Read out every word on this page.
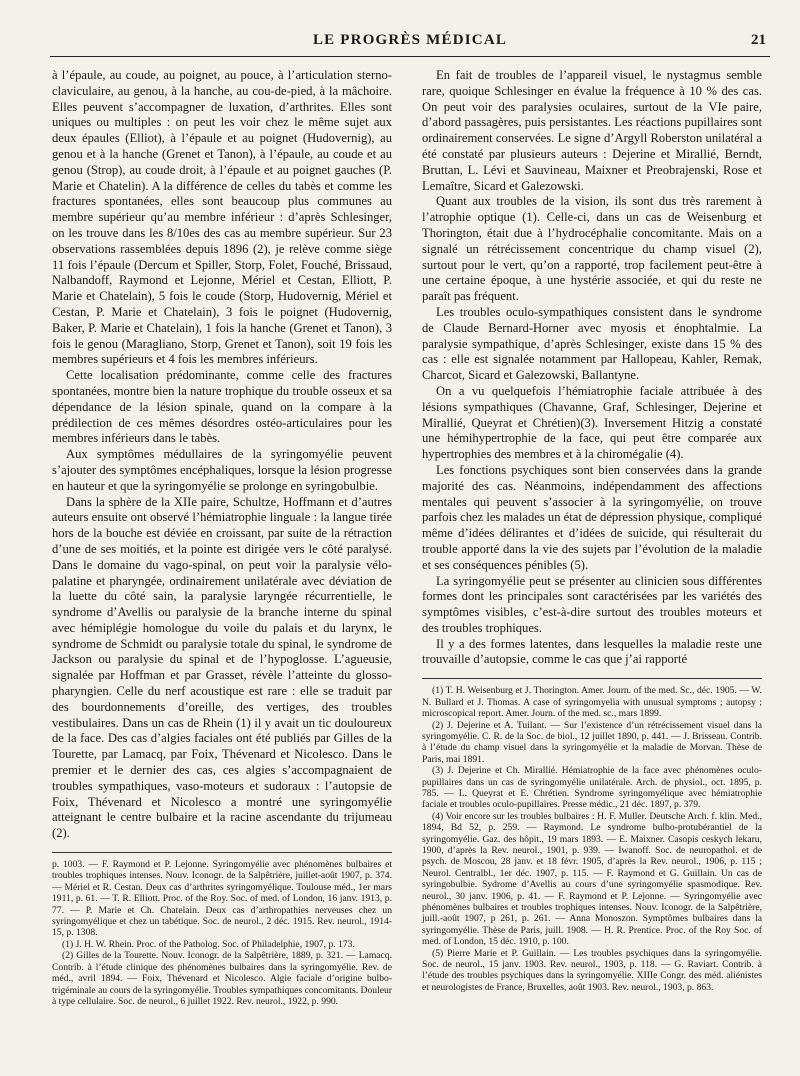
LE PROGRÈS MÉDICAL	21

à l’épaule, au coude, au poignet, au pouce, à l’articulation sterno-claviculaire, au genou, à la hanche, au cou-de-pied, à la mâchoire. Elles peuvent s’accompagner de luxation, d’arthrites. Elles sont uniques ou multiples : on peut les voir chez le même sujet aux deux épaules (Elliot), à l’épaule et au poignet (Hudovernig), au genou et à la hanche (Grenet et Tanon), à l’épaule, au coude et au genou (Strop), au coude droit, à l’épaule et au poignet gauches (P. Marie et Chatelin). A la différence de celles du tabès et comme les fractures spontanées, elles sont beaucoup plus communes au membre supérieur qu’au membre inférieur : d’après Schlesinger, on les trouve dans les 8/10es des cas au membre supérieur. Sur 23 observations rassemblées depuis 1896 (2), je relève comme siège 11 fois l’épaule (Dercum et Spiller, Storp, Folet, Fouché, Brissaud, Nalbandoff, Raymond et Lejonne, Mériel et Cestan, Elliott, P. Marie et Chatelain), 5 fois le coude (Storp, Hudovernig, Mériel et Cestan, P. Marie et Chatelain), 3 fois le poignet (Hudovernig, Baker, P. Marie et Chatelain), 1 fois la hanche (Grenet et Tanon), 3 fois le genou (Maragliano, Storp, Grenet et Tanon), soit 19 fois les membres supérieurs et 4 fois les membres inférieurs.

Cette localisation prédominante, comme celle des fractures spontanées, montre bien la nature trophique du trouble osseux et sa dépendance de la lésion spinale, quand on la compare à la prédilection de ces mêmes désordres ostéo-articulaires pour les membres inférieurs dans le tabès.

Aux symptômes médullaires de la syringomyélie peuvent s’ajouter des symptômes encéphaliques, lorsque la lésion progresse en hauteur et que la syringomyélie se prolonge en syringobulbie.

Dans la sphère de la XIIe paire, Schultze, Hoffmann et d’autres auteurs ensuite ont observé l’hémiatrophie linguale : la langue tirée hors de la bouche est déviée en croissant, par suite de la rétraction d’une de ses moitiés, et la pointe est dirigée vers le côté paralysé. Dans le domaine du vago-spinal, on peut voir la paralysie vélo-palatine et pharyngée, ordinairement unilatérale avec déviation de la luette du côté sain, la paralysie laryngée récurrentielle, le syndrome d’Avellis ou paralysie de la branche interne du spinal avec hémiplégie homologue du voile du palais et du larynx, le syndrome de Schmidt ou paralysie totale du spinal, le syndrome de Jackson ou paralysie du spinal et de l’hypoglosse. L’agueusie, signalée par Hoffman et par Grasset, révèle l’atteinte du glosso-pharyngien. Celle du nerf acoustique est rare : elle se traduit par des bourdonnements d’oreille, des vertiges, des troubles vestibulaires. Dans un cas de Rhein (1) il y avait un tic douloureux de la face. Des cas d’algies faciales ont été publiés par Gilles de la Tourette, par Lamacq, par Foix, Thévenard et Nicolesco. Dans le premier et le dernier des cas, ces algies s’accompagnaient de troubles sympathiques, vaso-moteurs et sudoraux : l’autopsie de Foix, Thévenard et Nicolesco a montré une syringomyélie atteignant le centre bulbaire et la racine ascendante du trijumeau (2).

p. 1003. — F. Raymond et P. Lejonne. Syringomyélie avec phénomènes bulbaires et troubles trophiques intenses. Nouv. Iconogr. de la Salpêtrière, juillet-août 1907, p. 374. — Mériel et R. Cestan. Deux cas d’arthrites syringomyélique. Toulouse méd., 1er mars 1911, p. 61. — T. R. Elliott. Proc. of the Roy. Soc. of med. of London, 16 janv. 1913, p. 77. — P. Marie et Ch. Chatelain. Deux cas d’arthropathies nerveuses chez un syringomyélique et chez un tabétique. Soc. de neurol., 2 déc. 1915. Rev. neurol., 1914-15, p. 1308.

(1) J. H. W. Rhein. Proc. of the Patholog. Soc. of Philadelphie, 1907, p. 173.

(2) Gilles de la Tourette. Nouv. Iconogr. de la Salpêtrière, 1889, p. 321. — Lamacq. Contrib. à l’étude clinique des phénomènes bulbaires dans la syringomyélie. Rev. de méd., avril 1894. — Foix, Thévenard et Nicolesco. Algie faciale d’origine bulbo-trigéminale au cours de la syringomyélie. Troubles sympathiques concomitants. Douleur à type cellulaire. Soc. de neurol., 6 juillet 1922. Rev. neurol., 1922, p. 990.

En fait de troubles de l’appareil visuel, le nystagmus semble rare, quoique Schlesinger en évalue la fréquence à 10 % des cas. On peut voir des paralysies oculaires, surtout de la VIe paire, d’abord passagères, puis persistantes. Les réactions pupillaires sont ordinairement conservées. Le signe d’Argyll Roberston unilatéral a été constaté par plusieurs auteurs : Dejerine et Mirallié, Berndt, Bruttan, L. Lévi et Sauvineau, Maixner et Preobrajenski, Rose et Lemaître, Sicard et Galezowski.

Quant aux troubles de la vision, ils sont dus très rarement à l’atrophie optique (1). Celle-ci, dans un cas de Weisenburg et Thorington, était due à l’hydrocéphalie concomitante. Mais on a signalé un rétrécissement concentrique du champ visuel (2), surtout pour le vert, qu’on a rapporté, trop facilement peut-être à une certaine époque, à une hystérie associée, et qui du reste ne paraît pas fréquent.

Les troubles oculo-sympathiques consistent dans le syndrome de Claude Bernard-Horner avec myosis et énophtalmie. La paralysie sympathique, d’après Schlesinger, existe dans 15 % des cas : elle est signalée notamment par Hallopeau, Kahler, Remak, Charcot, Sicard et Galezowski, Ballantyne.

On a vu quelquefois l’hémiatrophie faciale attribuée à des lésions sympathiques (Chavanne, Graf, Schlesinger, Dejerine et Mirallié, Queyrat et Chrétien)(3). Inversement Hitzig a constaté une hémihypertrophie de la face, qui peut être comparée aux hypertrophies des membres et à la chiromégalie (4).

Les fonctions psychiques sont bien conservées dans la grande majorité des cas. Néanmoins, indépendamment des affections mentales qui peuvent s’associer à la syringomyélie, on trouve parfois chez les malades un état de dépression physique, compliqué même d’idées délirantes et d’idées de suicide, qui résulterait du trouble apporté dans la vie des sujets par l’évolution de la maladie et ses conséquences pénibles (5).

La syringomyélie peut se présenter au clinicien sous différentes formes dont les principales sont caractérisées par les variétés des symptômes visibles, c’est-à-dire surtout des troubles moteurs et des troubles trophiques.

Il y a des formes latentes, dans lesquelles la maladie reste une trouvaille d’autopsie, comme le cas que j’ai rapporté

(1) T. H. Weisenburg et J. Thorington. Amer. Journ. of the med. Sc., déc. 1905. — W. N. Bullard et J. Thomas. A case of syringomyelia with unusual symptoms ; autopsy ; microscopical report. Amer. Journ. of the med. sc., mars 1899.

(2) J. Dejerine et A. Tuilant. — Sur l’existence d’un rétrécissement visuel dans la syringomyélie. C. R. de la Soc. de biol., 12 juillet 1890, p. 441. — J. Brisseau. Contrib. à l’étude du champ visuel dans la syringomyélie et la maladie de Morvan. Thèse de Paris, mai 1891.

(3) J. Dejerine et Ch. Mirallié. Hémiatrophie de la face avec phénomènes oculo-pupillaires dans un cas de syringomyélie unilatérale. Arch. de physiol., oct. 1895, p. 785. — L. Queyrat et E. Chrétien. Syndrome syringomyélique avec hémiatrophie faciale et troubles oculo-pupillaires. Presse médic., 21 déc. 1897, p. 379.

(4) Voir encore sur les troubles bulbaires : H. F. Muller. Deutsche Arch. f. klin. Med., 1894, Bd 52, p. 259. — Raymond. Le syndrome bulbo-protubérantiel de la syringomyélie. Gaz. des hôpit., 19 mars 1893. — E. Maixner. Casopis ceskych lekaru, 1900, d’après la Rev. neurol., 1901, p. 939. — Iwanoff. Soc. de neuropathol. et de psych. de Moscou, 28 janv. et 18 févr. 1905, d’après la Rev. neurol., 1906, p. 115 ; Neurol. Centralbl., 1er déc. 1907, p. 115. — F. Raymond et G. Guillain. Un cas de syringobulbie. Sydrome d’Avellis au cours d’une syringomyélie spasmodique. Rev. neurol., 30 janv. 1906, p. 41. — F. Raymond et P. Lejonne. — Syringomyélie avec phénomènes bulbaires et troubles trophiques intenses. Nouv. Iconogr. de la Salpêtrière, juill.-août 1907, p 261, p. 261. — Anna Monoszon. Symptômes bulbaires dans la syringomyélie. Thèse de Paris, juill. 1908. — H. R. Prentice. Proc. of the Roy Soc. of med. of London, 15 déc. 1910, p. 100.

(5) Pierre Marie et P. Guillain. — Les troubles psychiques dans la syringomyélie. Soc. de neurol., 15 janv. 1903. Rev. neurol., 1903, p. 118. — G. Raviart. Contrib. à l’étude des troubles psychiques dans la syringomyélie. XIIIe Congr. des méd. aliénistes et neurologistes de France, Bruxelles, août 1903. Rev. neurol., 1903, p. 863.
